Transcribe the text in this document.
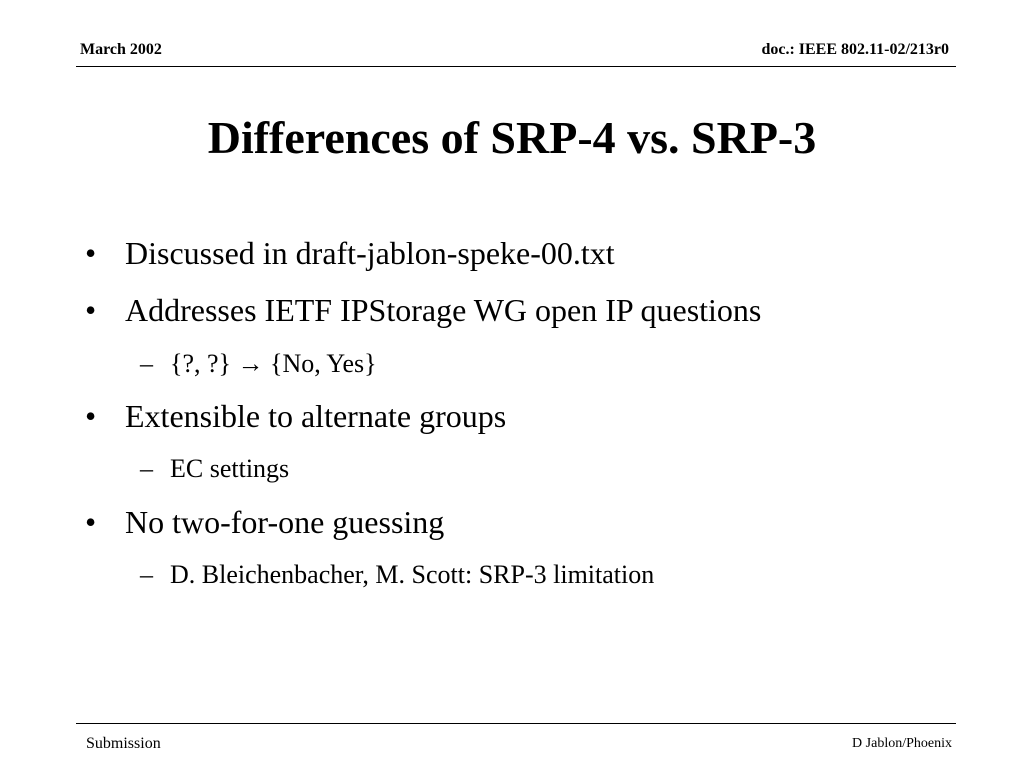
March 2002	doc.: IEEE 802.11-02/213r0
Differences of SRP-4 vs. SRP-3
• Discussed in draft-jablon-speke-00.txt
• Addresses IETF IPStorage WG open IP questions
– {?, ?} → {No, Yes}
• Extensible to alternate groups
– EC settings
• No two-for-one guessing
– D. Bleichenbacher, M. Scott: SRP-3 limitation
Submission	D Jablon/Phoenix
